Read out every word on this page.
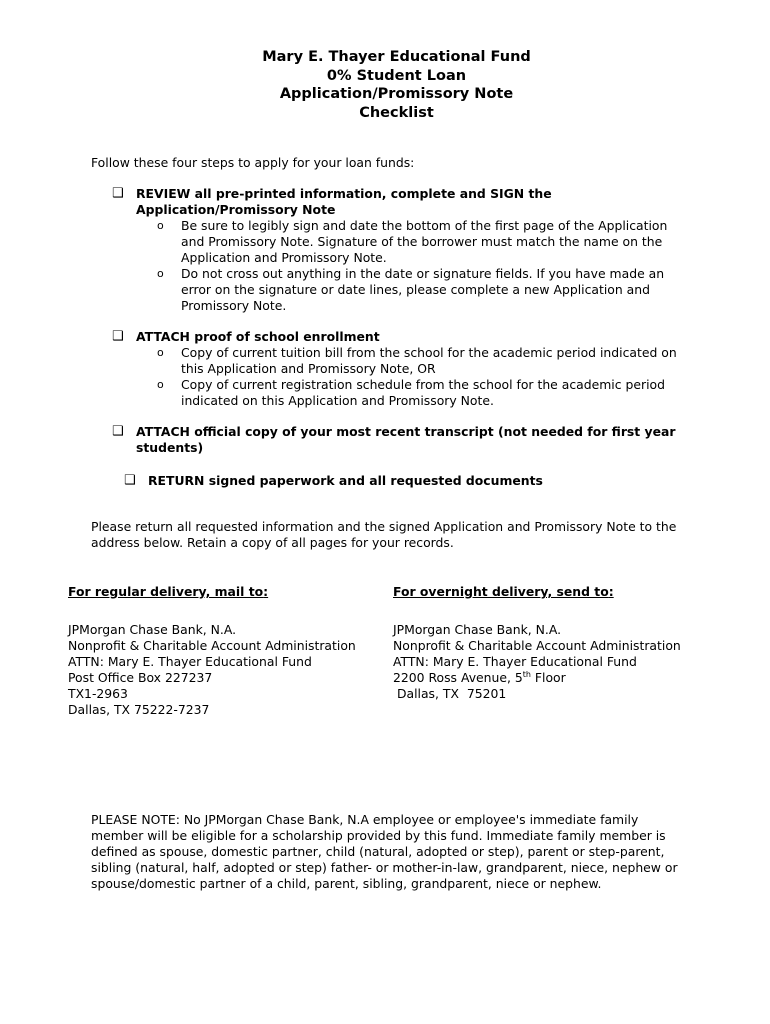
Mary E. Thayer Educational Fund
0% Student Loan
Application/Promissory Note
Checklist
Follow these four steps to apply for your loan funds:
❑ REVIEW all pre-printed information, complete and SIGN the
Application/Promissory Note
o Be sure to legibly sign and date the bottom of the first page of the Application
and Promissory Note. Signature of the borrower must match the name on the
Application and Promissory Note.
o Do not cross out anything in the date or signature fields. If you have made an
error on the signature or date lines, please complete a new Application and
Promissory Note.
❑ ATTACH proof of school enrollment
o Copy of current tuition bill from the school for the academic period indicated on
this Application and Promissory Note, OR
o Copy of current registration schedule from the school for the academic period
indicated on this Application and Promissory Note.
❑ ATTACH official copy of your most recent transcript (not needed for first year
students)
❑ RETURN signed paperwork and all requested documents
Please return all requested information and the signed Application and Promissory Note to the
address below. Retain a copy of all pages for your records.
For regular delivery, mail to:
JPMorgan Chase Bank, N.A.
Nonprofit & Charitable Account Administration
ATTN: Mary E. Thayer Educational Fund
Post Office Box 227237
TX1-2963
Dallas, TX 75222-7237
For overnight delivery, send to:
JPMorgan Chase Bank, N.A.
Nonprofit & Charitable Account Administration
ATTN: Mary E. Thayer Educational Fund
2200 Ross Avenue, 5th Floor
Dallas, TX  75201
PLEASE NOTE: No JPMorgan Chase Bank, N.A employee or employee's immediate family
member will be eligible for a scholarship provided by this fund. Immediate family member is
defined as spouse, domestic partner, child (natural, adopted or step), parent or step-parent,
sibling (natural, half, adopted or step) father- or mother-in-law, grandparent, niece, nephew or
spouse/domestic partner of a child, parent, sibling, grandparent, niece or nephew.
